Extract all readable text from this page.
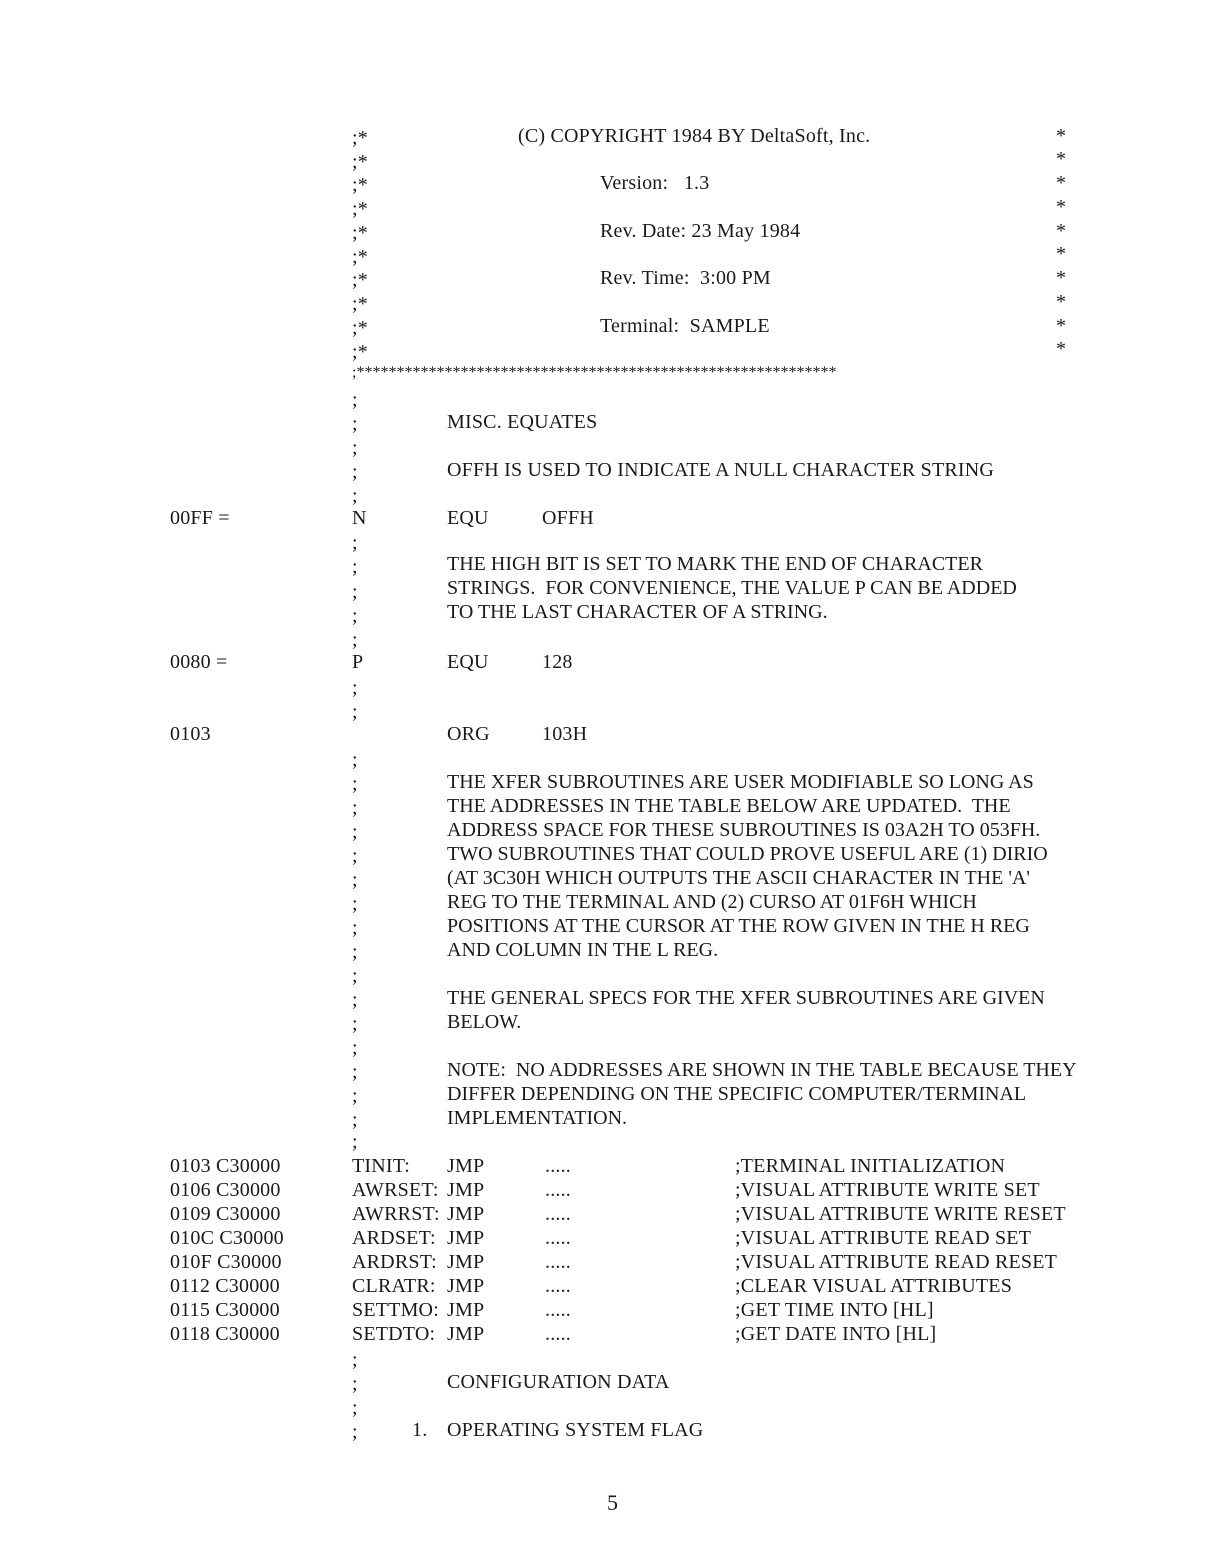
;*	(C) COPYRIGHT 1984 BY DeltaSoft, Inc.	*
;*	*
;*	Version:   1.3	*
;*	*
;*	Rev. Date: 23 May 1984	*
;*	*
;*	Rev. Time:  3:00 PM	*
;*	*
;*	Terminal:  SAMPLE	*
;*	*
;************************************************************
;
;
;
;
;
;
;
;
;
;
;
;
;
;
;
;
;
;
;
;
;
;
;
;
;
;
;
;
;
;
;
;
;
MISC. EQUATES
OFFH IS USED TO INDICATE A NULL CHARACTER STRING
00FF =	N	EQU	OFFH
THE HIGH BIT IS SET TO MARK THE END OF CHARACTER
STRINGS.  FOR CONVENIENCE, THE VALUE P CAN BE ADDED
TO THE LAST CHARACTER OF A STRING.
0080 =	P	EQU	128
0103	ORG	103H
THE XFER SUBROUTINES ARE USER MODIFIABLE SO LONG AS
THE ADDRESSES IN THE TABLE BELOW ARE UPDATED.  THE
ADDRESS SPACE FOR THESE SUBROUTINES IS 03A2H TO 053FH.
TWO SUBROUTINES THAT COULD PROVE USEFUL ARE (1) DIRIO
(AT 3C30H WHICH OUTPUTS THE ASCII CHARACTER IN THE 'A'
REG TO THE TERMINAL AND (2) CURSO AT 01F6H WHICH
POSITIONS AT THE CURSOR AT THE ROW GIVEN IN THE H REG
AND COLUMN IN THE L REG.
THE GENERAL SPECS FOR THE XFER SUBROUTINES ARE GIVEN
BELOW.
NOTE:  NO ADDRESSES ARE SHOWN IN THE TABLE BECAUSE THEY
DIFFER DEPENDING ON THE SPECIFIC COMPUTER/TERMINAL
IMPLEMENTATION.
0103 C30000	TINIT: JMP	.....	;TERMINAL INITIALIZATION
0106 C30000	AWRSET: JMP	.....	;VISUAL ATTRIBUTE WRITE SET
0109 C30000	AWRRST: JMP	.....	;VISUAL ATTRIBUTE WRITE RESET
010C C30000	ARDSET: JMP	.....	;VISUAL ATTRIBUTE READ SET
010F C30000	ARDRST: JMP	.....	;VISUAL ATTRIBUTE READ RESET
0112 C30000	CLRATR: JMP	.....	;CLEAR VISUAL ATTRIBUTES
0115 C30000	SETTMO: JMP	.....	;GET TIME INTO [HL]
0118 C30000	SETDTO: JMP	.....	;GET DATE INTO [HL]
CONFIGURATION DATA
1. OPERATING SYSTEM FLAG
5
